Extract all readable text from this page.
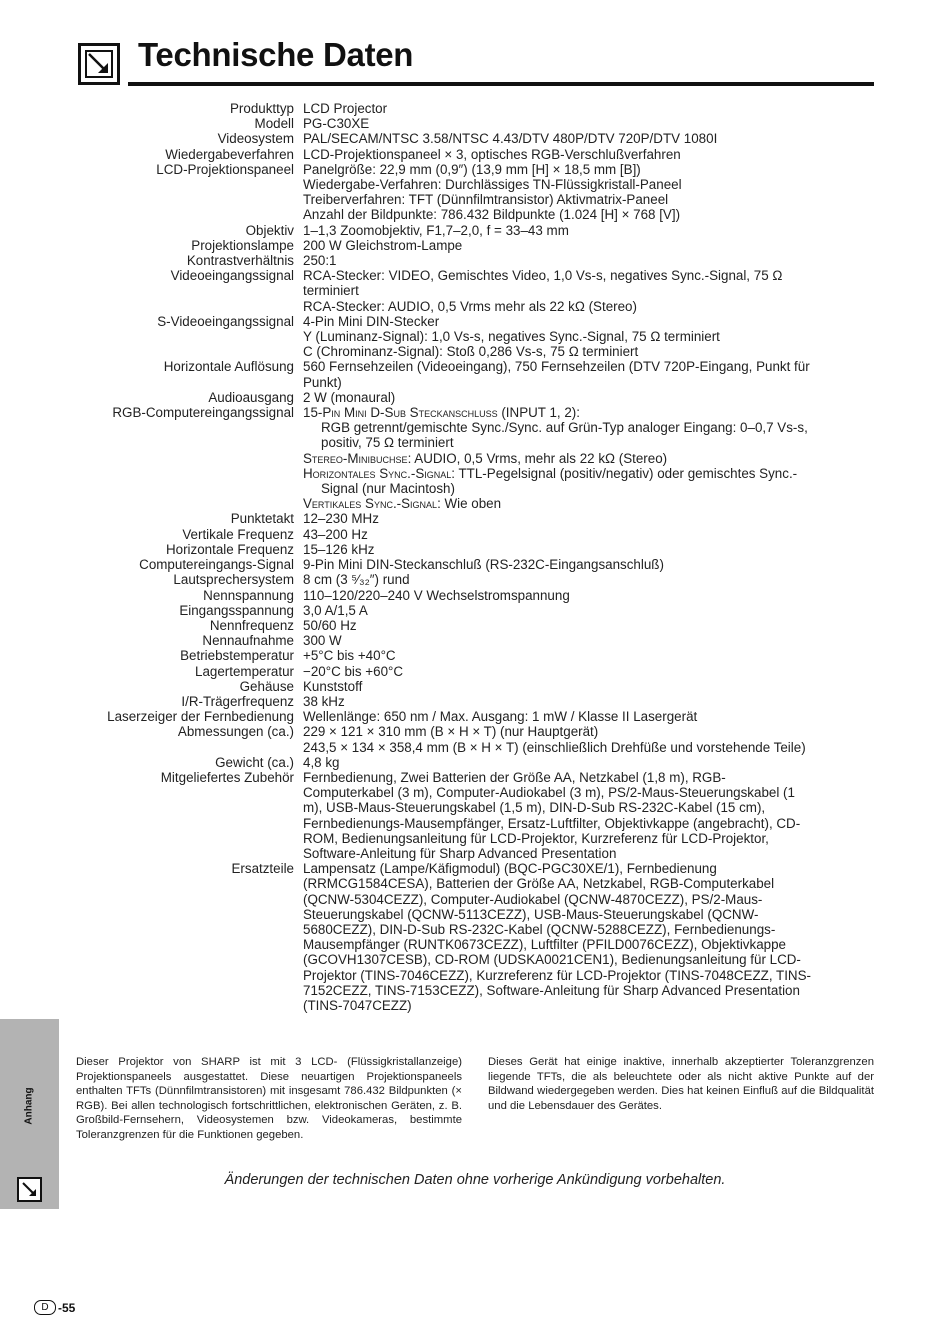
Technische Daten
Produkttyp LCD Projector
Modell PG-C30XE
Videosystem PAL/SECAM/NTSC 3.58/NTSC 4.43/DTV 480P/DTV 720P/DTV 1080I
Wiedergabeverfahren LCD-Projektionspaneel × 3, optisches RGB-Verschlußverfahren
LCD-Projektionspaneel Panelgröße: 22,9 mm (0,9″) (13,9 mm [H] × 18,5 mm [B])
Wiedergabe-Verfahren: Durchlässiges TN-Flüssigkristall-Paneel
Treiberverfahren: TFT (Dünnfilmtransistor) Aktivmatrix-Paneel
Anzahl der Bildpunkte: 786.432 Bildpunkte (1.024 [H] × 768 [V])
Objektiv 1–1,3 Zoomobjektiv, F1,7–2,0, f = 33–43 mm
Projektionslampe 200 W Gleichstrom-Lampe
Kontrastverhältnis 250:1
Videoeingangssignal RCA-Stecker: VIDEO, Gemischtes Video, 1,0 Vs-s, negatives Sync.-Signal, 75 Ω
terminiert
RCA-Stecker: AUDIO, 0,5 Vrms mehr als 22 kΩ (Stereo)
S-Videoeingangssignal 4-Pin Mini DIN-Stecker
Y (Luminanz-Signal): 1,0 Vs-s, negatives Sync.-Signal, 75 Ω terminiert
C (Chrominanz-Signal): Stoß 0,286 Vs-s, 75 Ω terminiert
Horizontale Auflösung 560 Fernsehzeilen (Videoeingang), 750 Fernsehzeilen (DTV 720P-Eingang, Punkt für
Punkt)
Audioausgang 2 W (monaural)
RGB-Computereingangssignal 15-Pin Mini D-Sub Steckanschluss (INPUT 1, 2):
RGB getrennt/gemischte Sync./Sync. auf Grün-Typ analoger Eingang: 0–0,7 Vs-s,
positiv, 75 Ω terminiert
Stereo-Minibuchse: AUDIO, 0,5 Vrms, mehr als 22 kΩ (Stereo)
Horizontales Sync.-Signal: TTL-Pegelsignal (positiv/negativ) oder gemischtes Sync.-
Signal (nur Macintosh)
Vertikales Sync.-Signal: Wie oben
Punktetakt 12–230 MHz
Vertikale Frequenz 43–200 Hz
Horizontale Frequenz 15–126 kHz
Computereingangs-Signal 9-Pin Mini DIN-Steckanschluß (RS-232C-Eingangsanschluß)
Lautsprechersystem 8 cm (3 ⁵⁄₃₂″) rund
Nennspannung 110–120/220–240 V Wechselstromspannung
Eingangsspannung 3,0 A/1,5 A
Nennfrequenz 50/60 Hz
Nennaufnahme 300 W
Betriebstemperatur +5°C bis +40°C
Lagertemperatur −20°C bis +60°C
Gehäuse Kunststoff
I/R-Trägerfrequenz 38 kHz
Laserzeiger der Fernbedienung Wellenlänge: 650 nm / Max. Ausgang: 1 mW / Klasse II Lasergerät
Abmessungen (ca.) 229 × 121 × 310 mm (B × H × T) (nur Hauptgerät)
243,5 × 134 × 358,4 mm (B × H × T) (einschließlich Drehfüße und vorstehende Teile)
Gewicht (ca.) 4,8 kg
Mitgeliefertes Zubehör Fernbedienung, Zwei Batterien der Größe AA, Netzkabel (1,8 m), RGB-
Computerkabel (3 m), Computer-Audiokabel (3 m), PS/2-Maus-Steuerungskabel (1
m), USB-Maus-Steuerungskabel (1,5 m), DIN-D-Sub RS-232C-Kabel (15 cm),
Fernbedienungs-Mausempfänger, Ersatz-Luftfilter, Objektivkappe (angebracht), CD-
ROM, Bedienungsanleitung für LCD-Projektor, Kurzreferenz für LCD-Projektor,
Software-Anleitung für Sharp Advanced Presentation
Ersatzteile Lampensatz (Lampe/Käfigmodul) (BQC-PGC30XE/1), Fernbedienung
(RRMCG1584CESA), Batterien der Größe AA, Netzkabel, RGB-Computerkabel
(QCNW-5304CEZZ), Computer-Audiokabel (QCNW-4870CEZZ), PS/2-Maus-
Steuerungskabel (QCNW-5113CEZZ), USB-Maus-Steuerungskabel (QCNW-
5680CEZZ), DIN-D-Sub RS-232C-Kabel (QCNW-5288CEZZ), Fernbedienungs-
Mausempfänger (RUNTK0673CEZZ), Luftfilter (PFILD0076CEZZ), Objektivkappe
(GCOVH1307CESB), CD-ROM (UDSKA0021CEN1), Bedienungsanleitung für LCD-
Projektor (TINS-7046CEZZ), Kurzreferenz für LCD-Projektor (TINS-7048CEZZ, TINS-
7152CEZZ, TINS-7153CEZZ), Software-Anleitung für Sharp Advanced Presentation
(TINS-7047CEZZ)
Anhang

Dieser Projektor von SHARP ist mit 3 LCD- (Flüssigkristallanzeige) Projektionspaneels ausgestattet. Diese neuartigen Projektionspaneels enthalten TFTs (Dünnfilmtransistoren) mit insgesamt 786.432 Bildpunkten (× RGB). Bei allen technologisch fortschrittlichen, elektronischen Geräten, z. B. Großbild-Fernsehern, Videosystemen bzw. Videokameras, bestimmte Toleranzgrenzen für die Funktionen gegeben.

Dieses Gerät hat einige inaktive, innerhalb akzeptierter Toleranzgrenzen liegende TFTs, die als beleuchtete oder als nicht aktive Punkte auf der Bildwand wiedergegeben werden. Dies hat keinen Einfluß auf die Bildqualität und die Lebensdauer des Gerätes.

Änderungen der technischen Daten ohne vorherige Ankündigung vorbehalten.
D -55
